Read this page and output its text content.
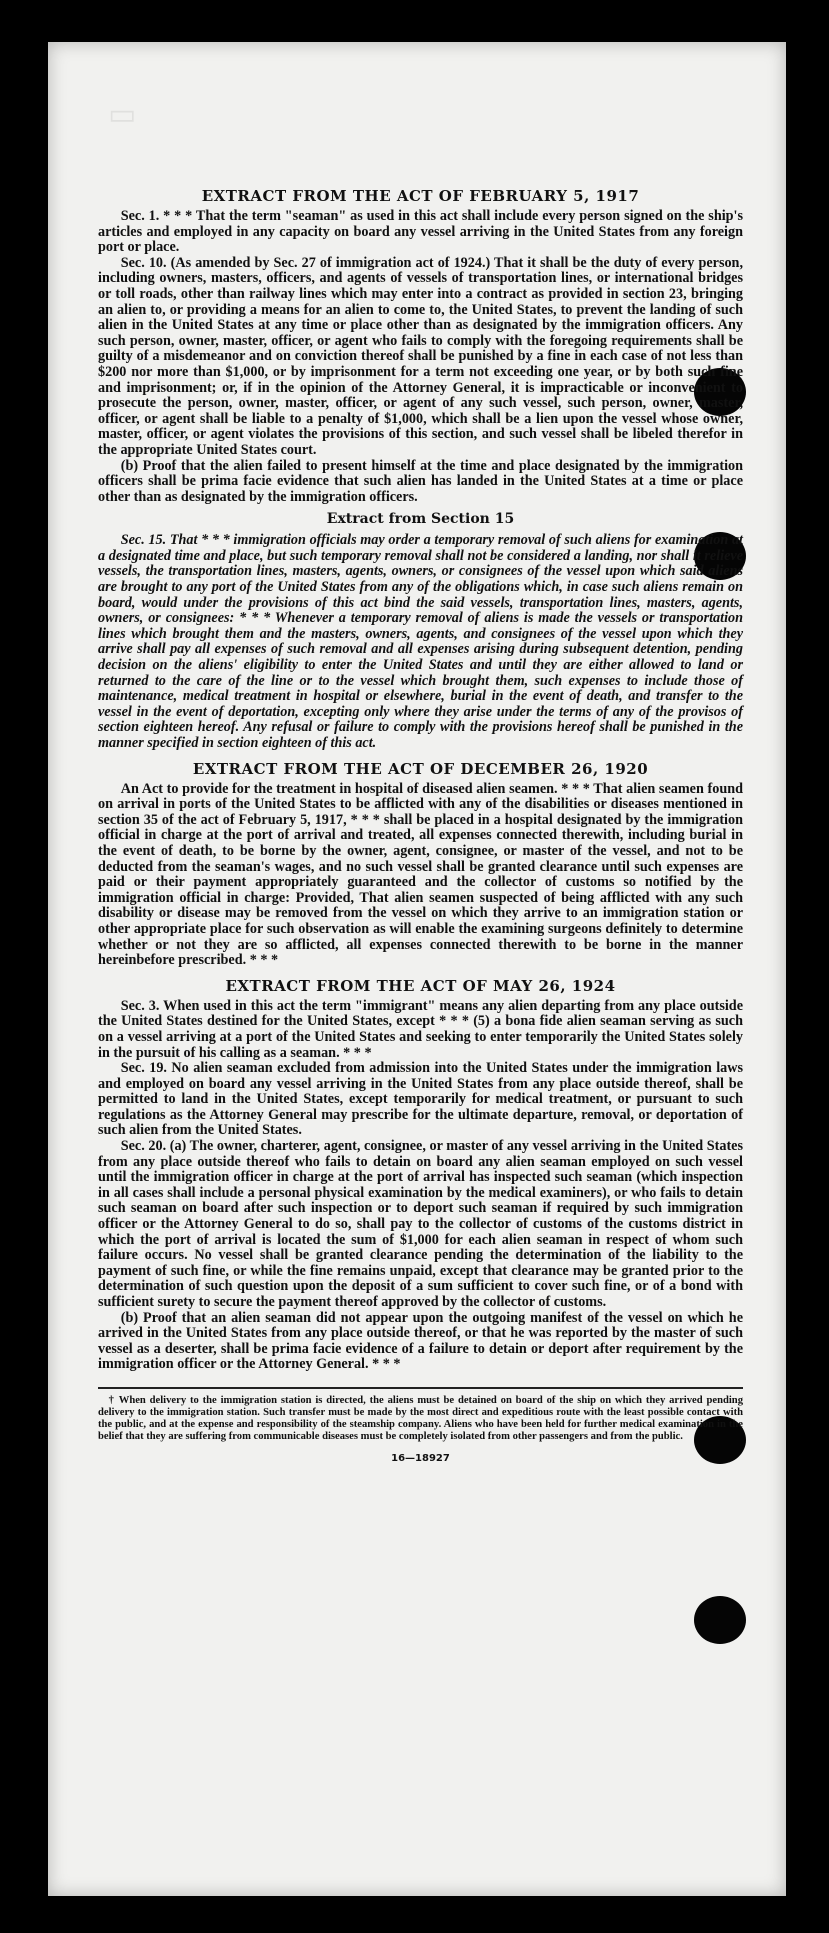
▭
EXTRACT FROM THE ACT OF FEBRUARY 5, 1917

Sec. 1. * * * That the term "seaman" as used in this act shall include every person signed on the ship's articles and employed in any capacity on board any vessel arriving in the United States from any foreign port or place.

Sec. 10. (As amended by Sec. 27 of immigration act of 1924.) That it shall be the duty of every person, including owners, masters, officers, and agents of vessels of transportation lines, or international bridges or toll roads, other than railway lines which may enter into a contract as provided in section 23, bringing an alien to, or providing a means for an alien to come to, the United States, to prevent the landing of such alien in the United States at any time or place other than as designated by the immigration officers. Any such person, owner, master, officer, or agent who fails to comply with the foregoing requirements shall be guilty of a misdemeanor and on conviction thereof shall be punished by a fine in each case of not less than $200 nor more than $1,000, or by imprisonment for a term not exceeding one year, or by both such fine and imprisonment; or, if in the opinion of the Attorney General, it is impracticable or inconvenient to prosecute the person, owner, master, officer, or agent of any such vessel, such person, owner, master, officer, or agent shall be liable to a penalty of $1,000, which shall be a lien upon the vessel whose owner, master, officer, or agent violates the provisions of this section, and such vessel shall be libeled therefor in the appropriate United States court.

(b) Proof that the alien failed to present himself at the time and place designated by the immigration officers shall be prima facie evidence that such alien has landed in the United States at a time or place other than as designated by the immigration officers.

Extract from Section 15

Sec. 15. That * * * immigration officials may order a temporary removal of such aliens for examination at a designated time and place, but such temporary removal shall not be considered a landing, nor shall it relieve vessels, the transportation lines, masters, agents, owners, or consignees of the vessel upon which said aliens are brought to any port of the United States from any of the obligations which, in case such aliens remain on board, would under the provisions of this act bind the said vessels, transportation lines, masters, agents, owners, or consignees: * * * Whenever a temporary removal of aliens is made the vessels or transportation lines which brought them and the masters, owners, agents, and consignees of the vessel upon which they arrive shall pay all expenses of such removal and all expenses arising during subsequent detention, pending decision on the aliens' eligibility to enter the United States and until they are either allowed to land or returned to the care of the line or to the vessel which brought them, such expenses to include those of maintenance, medical treatment in hospital or elsewhere, burial in the event of death, and transfer to the vessel in the event of deportation, excepting only where they arise under the terms of any of the provisos of section eighteen hereof. Any refusal or failure to comply with the provisions hereof shall be punished in the manner specified in section eighteen of this act.

EXTRACT FROM THE ACT OF DECEMBER 26, 1920

An Act to provide for the treatment in hospital of diseased alien seamen. * * * That alien seamen found on arrival in ports of the United States to be afflicted with any of the disabilities or diseases mentioned in section 35 of the act of February 5, 1917, * * * shall be placed in a hospital designated by the immigration official in charge at the port of arrival and treated, all expenses connected therewith, including burial in the event of death, to be borne by the owner, agent, consignee, or master of the vessel, and not to be deducted from the seaman's wages, and no such vessel shall be granted clearance until such expenses are paid or their payment appropriately guaranteed and the collector of customs so notified by the immigration official in charge: Provided, That alien seamen suspected of being afflicted with any such disability or disease may be removed from the vessel on which they arrive to an immigration station or other appropriate place for such observation as will enable the examining surgeons definitely to determine whether or not they are so afflicted, all expenses connected therewith to be borne in the manner hereinbefore prescribed. * * *

EXTRACT FROM THE ACT OF MAY 26, 1924

Sec. 3. When used in this act the term "immigrant" means any alien departing from any place outside the United States destined for the United States, except * * * (5) a bona fide alien seaman serving as such on a vessel arriving at a port of the United States and seeking to enter temporarily the United States solely in the pursuit of his calling as a seaman. * * *

Sec. 19. No alien seaman excluded from admission into the United States under the immigration laws and employed on board any vessel arriving in the United States from any place outside thereof, shall be permitted to land in the United States, except temporarily for medical treatment, or pursuant to such regulations as the Attorney General may prescribe for the ultimate departure, removal, or deportation of such alien from the United States.

Sec. 20. (a) The owner, charterer, agent, consignee, or master of any vessel arriving in the United States from any place outside thereof who fails to detain on board any alien seaman employed on such vessel until the immigration officer in charge at the port of arrival has inspected such seaman (which inspection in all cases shall include a personal physical examination by the medical examiners), or who fails to detain such seaman on board after such inspection or to deport such seaman if required by such immigration officer or the Attorney General to do so, shall pay to the collector of customs of the customs district in which the port of arrival is located the sum of $1,000 for each alien seaman in respect of whom such failure occurs. No vessel shall be granted clearance pending the determination of the liability to the payment of such fine, or while the fine remains unpaid, except that clearance may be granted prior to the determination of such question upon the deposit of a sum sufficient to cover such fine, or of a bond with sufficient surety to secure the payment thereof approved by the collector of customs.

(b) Proof that an alien seaman did not appear upon the outgoing manifest of the vessel on which he arrived in the United States from any place outside thereof, or that he was reported by the master of such vessel as a deserter, shall be prima facie evidence of a failure to detain or deport after requirement by the immigration officer or the Attorney General. * * *

† When delivery to the immigration station is directed, the aliens must be detained on board of the ship on which they arrived pending delivery to the immigration station. Such transfer must be made by the most direct and expeditious route with the least possible contact with the public, and at the expense and responsibility of the steamship company. Aliens who have been held for further medical examination in the belief that they are suffering from communicable diseases must be completely isolated from other passengers and from the public.
16—18927
